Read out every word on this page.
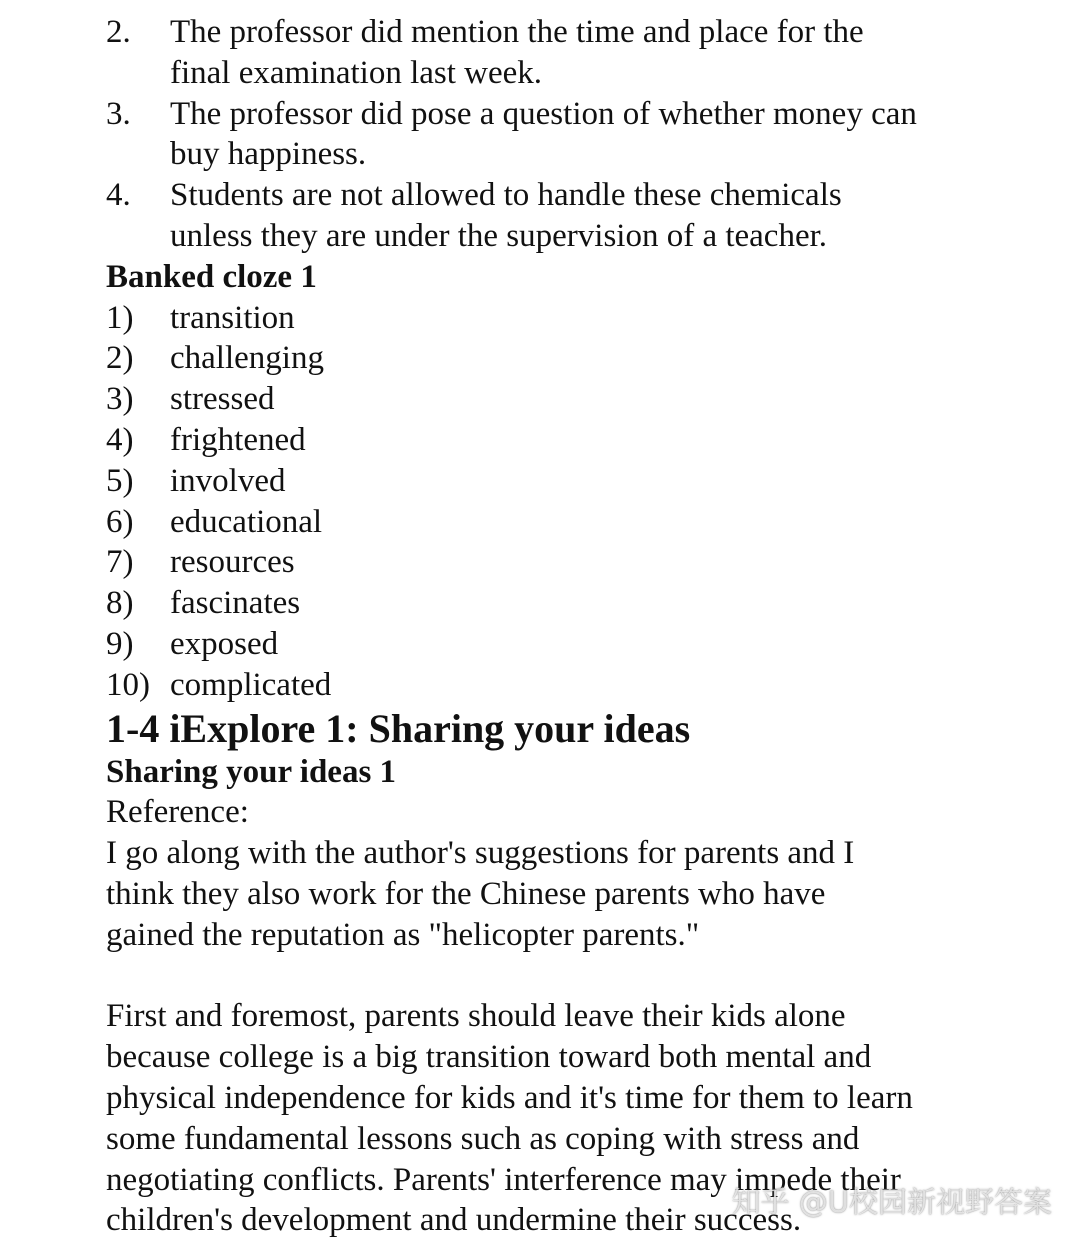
2.	The professor did mention the time and place for the
final examination last week.
3.	The professor did pose a question of whether money can
buy happiness.
4.	Students are not allowed to handle these chemicals
unless they are under the supervision of a teacher.
Banked cloze 1
1)	transition
2)	challenging
3)	stressed
4)	frightened
5)	involved
6)	educational
7)	resources
8)	fascinates
9)	exposed
10) complicated
1-4 iExplore 1: Sharing your ideas
Sharing your ideas 1
Reference:
I go along with the author's suggestions for parents and I
think they also work for the Chinese parents who have
gained the reputation as "helicopter parents."
First and foremost, parents should leave their kids alone
because college is a big transition toward both mental and
physical independence for kids and it's time for them to learn
some fundamental lessons such as coping with stress and
negotiating conflicts. Parents' interference may impede their
children's development and undermine their success.
知乎 @U校园新视野答案
